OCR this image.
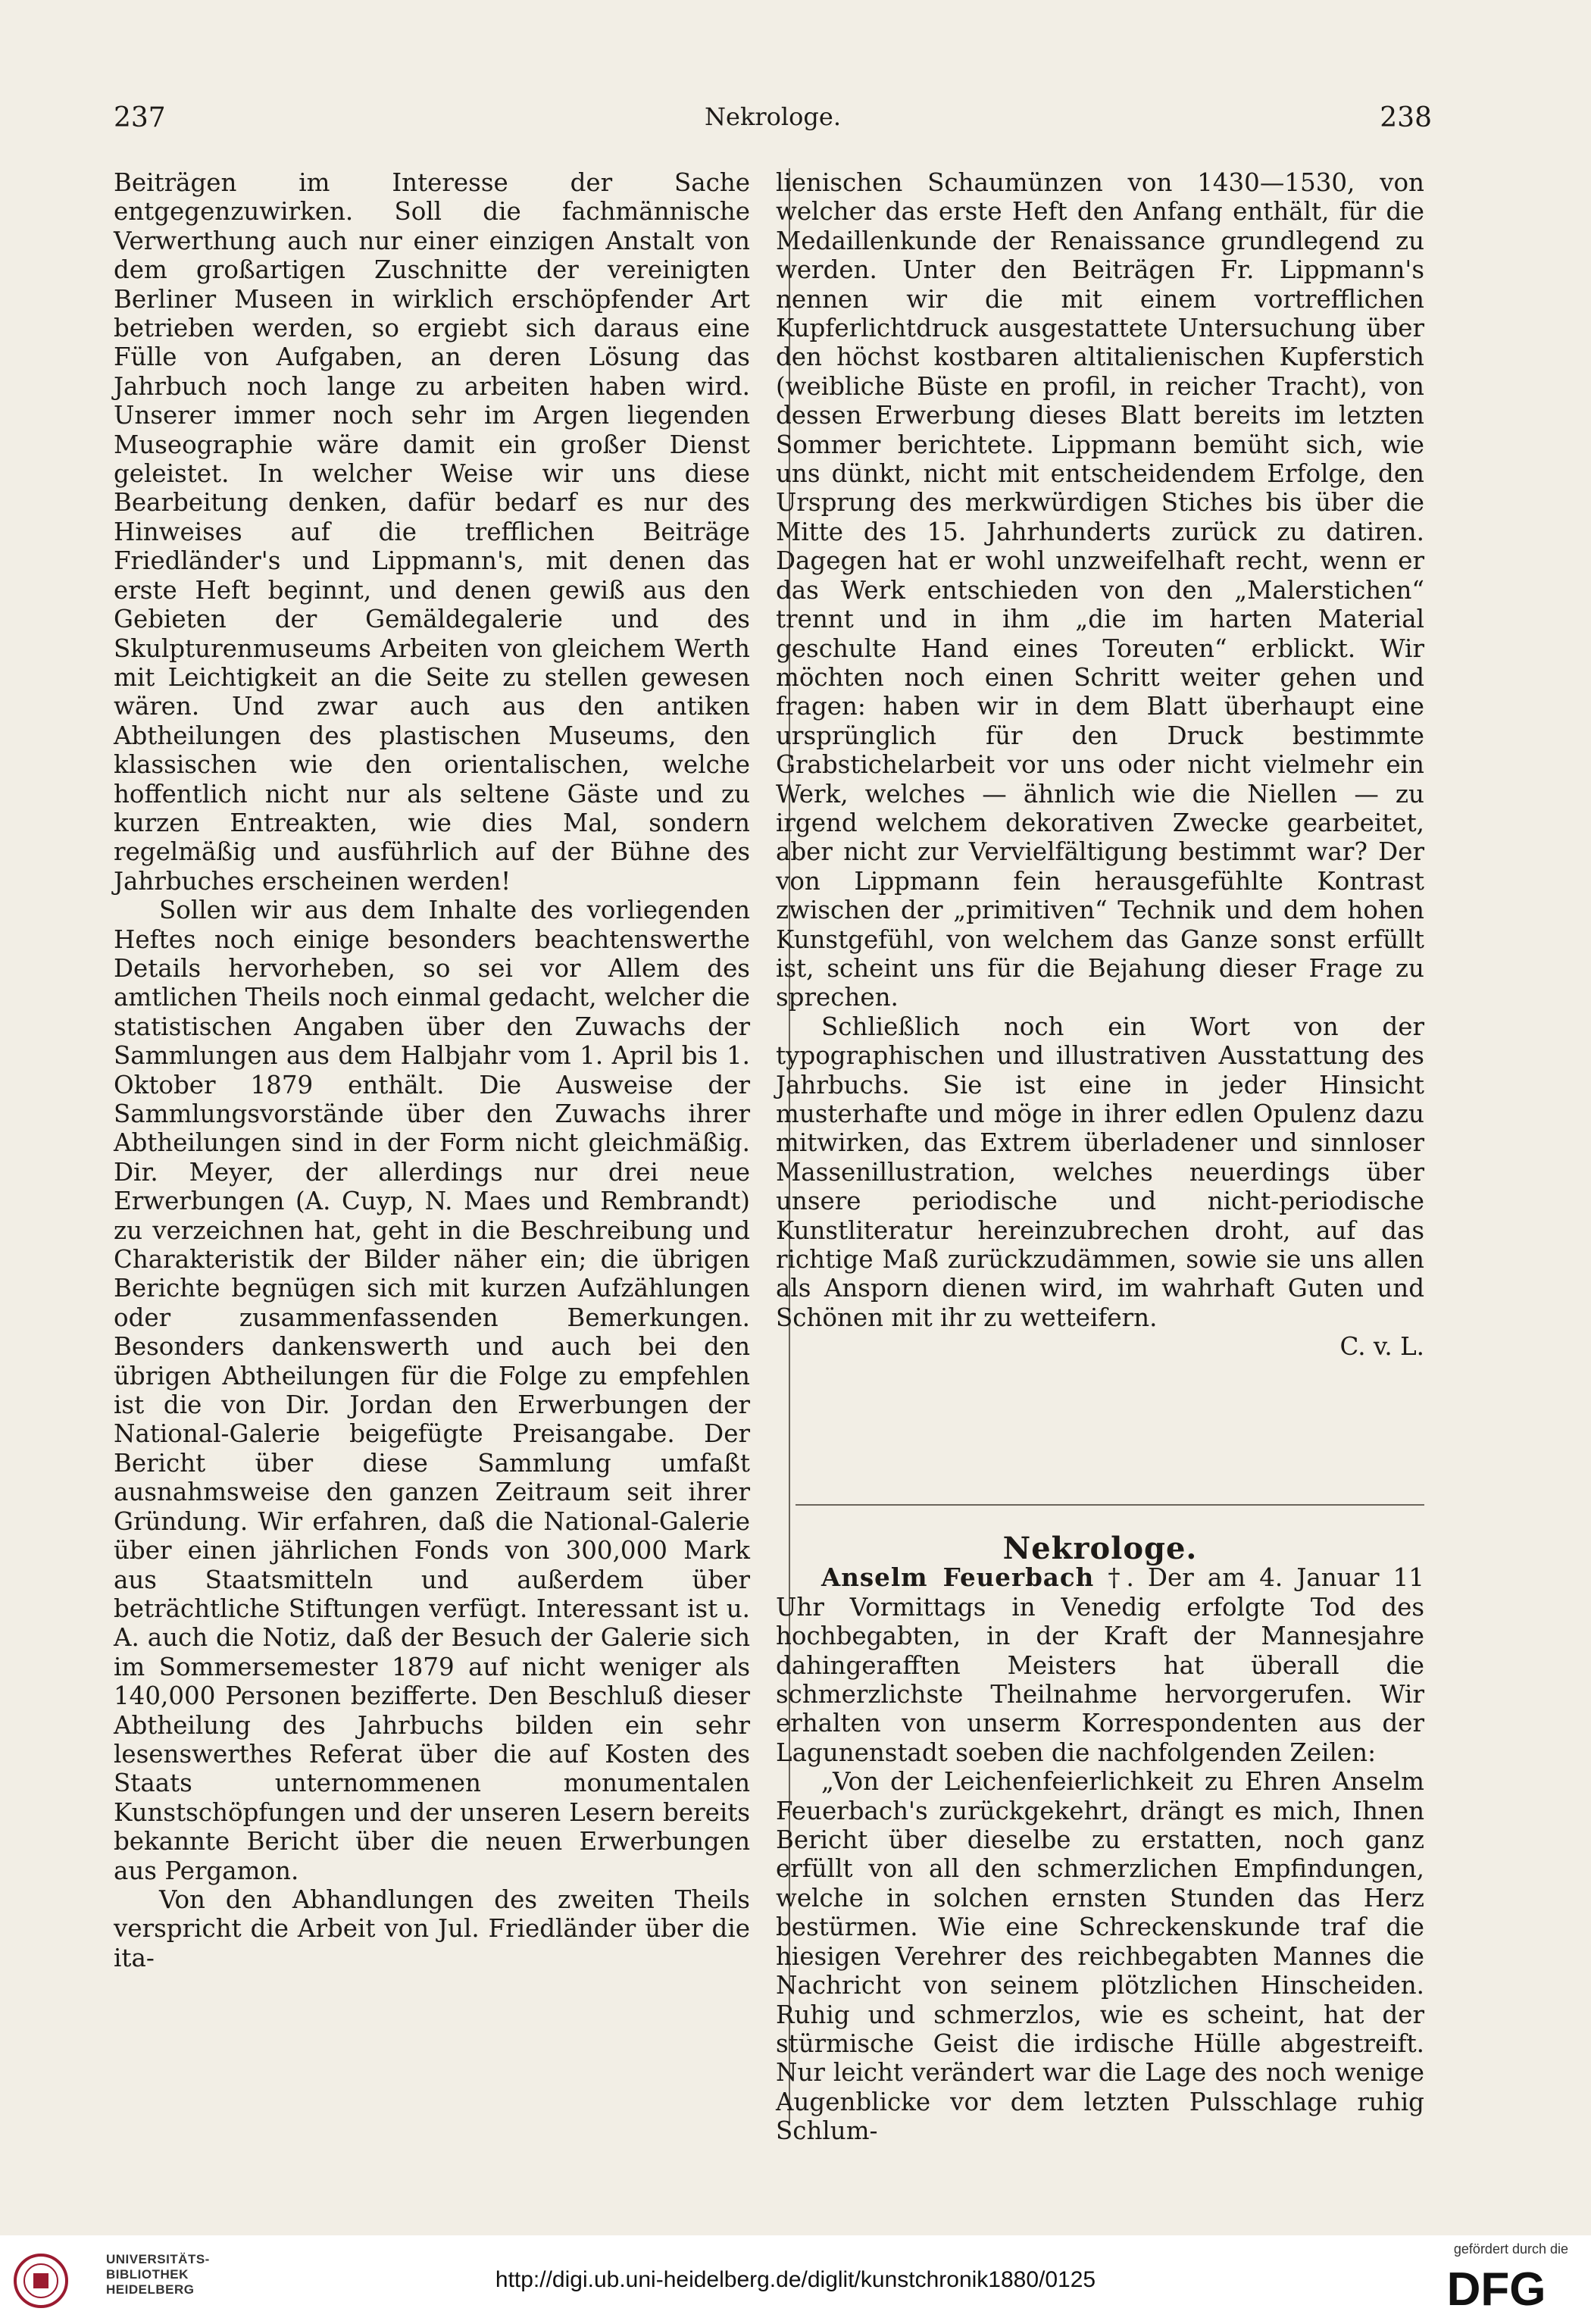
237	Nekrologe.	238

Beiträgen im Interesse der Sache entgegenzuwirken. Soll die fachmännische Verwerthung auch nur einer einzigen Anstalt von dem großartigen Zuschnitte der vereinigten Berliner Museen in wirklich erschöpfender Art betrieben werden, so ergiebt sich daraus eine Fülle von Aufgaben, an deren Lösung das Jahrbuch noch lange zu arbeiten haben wird. Unserer immer noch sehr im Argen liegenden Museographie wäre damit ein großer Dienst geleistet. In welcher Weise wir uns diese Bearbeitung denken, dafür bedarf es nur des Hinweises auf die trefflichen Beiträge Friedländer's und Lippmann's, mit denen das erste Heft beginnt, und denen gewiß aus den Gebieten der Gemäldegalerie und des Skulpturenmuseums Arbeiten von gleichem Werth mit Leichtigkeit an die Seite zu stellen gewesen wären. Und zwar auch aus den antiken Abtheilungen des plastischen Museums, den klassischen wie den orientalischen, welche hoffentlich nicht nur als seltene Gäste und zu kurzen Entreakten, wie dies Mal, sondern regelmäßig und ausführlich auf der Bühne des Jahrbuches erscheinen werden!

Sollen wir aus dem Inhalte des vorliegenden Heftes noch einige besonders beachtenswerthe Details hervorheben, so sei vor Allem des amtlichen Theils noch einmal gedacht, welcher die statistischen Angaben über den Zuwachs der Sammlungen aus dem Halbjahr vom 1. April bis 1. Oktober 1879 enthält. Die Ausweise der Sammlungsvorstände über den Zuwachs ihrer Abtheilungen sind in der Form nicht gleichmäßig. Dir. Meyer, der allerdings nur drei neue Erwerbungen (A. Cuyp, N. Maes und Rembrandt) zu verzeichnen hat, geht in die Beschreibung und Charakteristik der Bilder näher ein; die übrigen Berichte begnügen sich mit kurzen Aufzählungen oder zusammenfassenden Bemerkungen. Besonders dankenswerth und auch bei den übrigen Abtheilungen für die Folge zu empfehlen ist die von Dir. Jordan den Erwerbungen der National-Galerie beigefügte Preisangabe. Der Bericht über diese Sammlung umfaßt ausnahmsweise den ganzen Zeitraum seit ihrer Gründung. Wir erfahren, daß die National-Galerie über einen jährlichen Fonds von 300,000 Mark aus Staatsmitteln und außerdem über beträchtliche Stiftungen verfügt. Interessant ist u. A. auch die Notiz, daß der Besuch der Galerie sich im Sommersemester 1879 auf nicht weniger als 140,000 Personen bezifferte. Den Beschluß dieser Abtheilung des Jahrbuchs bilden ein sehr lesenswerthes Referat über die auf Kosten des Staats unternommenen monumentalen Kunstschöpfungen und der unseren Lesern bereits bekannte Bericht über die neuen Erwerbungen aus Pergamon.

Von den Abhandlungen des zweiten Theils verspricht die Arbeit von Jul. Friedländer über die ita-

lienischen Schaumünzen von 1430—1530, von welcher das erste Heft den Anfang enthält, für die Medaillenkunde der Renaissance grundlegend zu werden. Unter den Beiträgen Fr. Lippmann's nennen wir die mit einem vortrefflichen Kupferlichtdruck ausgestattete Untersuchung über den höchst kostbaren altitalienischen Kupferstich (weibliche Büste en profil, in reicher Tracht), von dessen Erwerbung dieses Blatt bereits im letzten Sommer berichtete. Lippmann bemüht sich, wie uns dünkt, nicht mit entscheidendem Erfolge, den Ursprung des merkwürdigen Stiches bis über die Mitte des 15. Jahrhunderts zurück zu datiren. Dagegen hat er wohl unzweifelhaft recht, wenn er das Werk entschieden von den „Malerstichen“ trennt und in ihm „die im harten Material geschulte Hand eines Toreuten“ erblickt. Wir möchten noch einen Schritt weiter gehen und fragen: haben wir in dem Blatt überhaupt eine ursprünglich für den Druck bestimmte Grabstichelarbeit vor uns oder nicht vielmehr ein Werk, welches — ähnlich wie die Niellen — zu irgend welchem dekorativen Zwecke gearbeitet, aber nicht zur Vervielfältigung bestimmt war? Der von Lippmann fein herausgefühlte Kontrast zwischen der „primitiven“ Technik und dem hohen Kunstgefühl, von welchem das Ganze sonst erfüllt ist, scheint uns für die Bejahung dieser Frage zu sprechen.

Schließlich noch ein Wort von der typographischen und illustrativen Ausstattung des Jahrbuchs. Sie ist eine in jeder Hinsicht musterhafte und möge in ihrer edlen Opulenz dazu mitwirken, das Extrem überladener und sinnloser Massenillustration, welches neuerdings über unsere periodische und nicht-periodische Kunstliteratur hereinzubrechen droht, auf das richtige Maß zurückzudämmen, sowie sie uns allen als Ansporn dienen wird, im wahrhaft Guten und Schönen mit ihr zu wetteifern.

C. v. L.

Nekrologe.

Anselm Feuerbach †. Der am 4. Januar 11 Uhr Vormittags in Venedig erfolgte Tod des hochbegabten, in der Kraft der Mannesjahre dahingerafften Meisters hat überall die schmerzlichste Theilnahme hervorgerufen. Wir erhalten von unserm Korrespondenten aus der Lagunenstadt soeben die nachfolgenden Zeilen:

„Von der Leichenfeierlichkeit zu Ehren Anselm Feuerbach's zurückgekehrt, drängt es mich, Ihnen Bericht über dieselbe zu erstatten, noch ganz erfüllt von all den schmerzlichen Empfindungen, welche in solchen ernsten Stunden das Herz bestürmen. Wie eine Schreckenskunde traf die hiesigen Verehrer des reichbegabten Mannes die Nachricht von seinem plötzlichen Hinscheiden. Ruhig und schmerzlos, wie es scheint, hat der stürmische Geist die irdische Hülle abgestreift. Nur leicht verändert war die Lage des noch wenige Augenblicke vor dem letzten Pulsschlage ruhig Schlum-

UNIVERSITÄTS-
BIBLIOTHEK
HEIDELBERG	http://digi.ub.uni-heidelberg.de/diglit/kunstchronik1880/0125
gefördert durch die
DFG
